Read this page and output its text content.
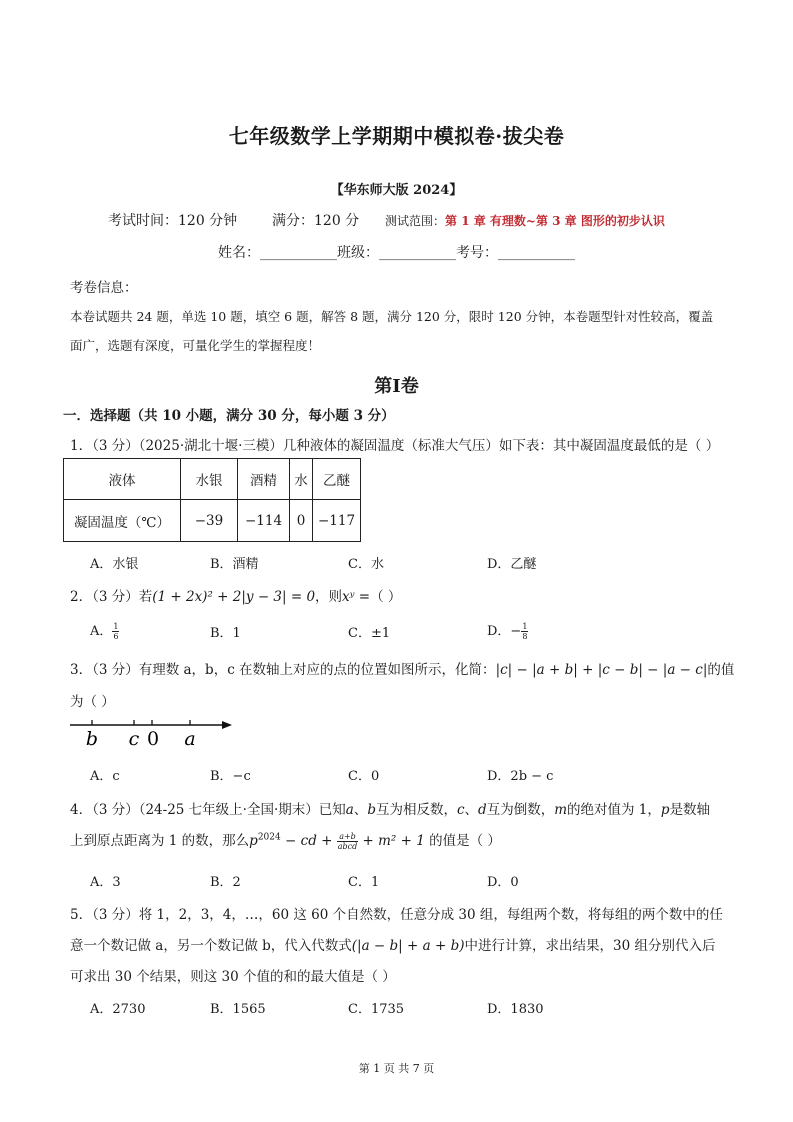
七年级数学上学期期中模拟卷·拔尖卷
【华东师大版 2024】
考试时间：120 分钟 满分：120 分 测试范围：第 1 章 有理数~第 3 章 图形的初步认识
姓名：___________班级：___________考号：___________
考卷信息：
本卷试题共 24 题，单选 10 题，填空 6 题，解答 8 题，满分 120 分，限时 120 分钟，本卷题型针对性较高，覆盖面广，选题有深度，可量化学生的掌握程度！
第Ⅰ卷
一．选择题（共 10 小题，满分 30 分，每小题 3 分）
1．（3 分）（2025·湖北十堰·三模）几种液体的凝固温度（标准大气压）如下表：其中凝固温度最低的是（ ）
液体	水银	酒精	水	乙醚
凝固温度（℃）	−39	−114	0	−117
A．水银	B．酒精	C．水	D．乙醚
2．（3 分）若(1 + 2x)² + 2|y − 3| = 0，则xʸ =（ ）
A． $\frac{1}{6}$	B．1	C．±1	D．− $\frac{1}{8}$
3．（3 分）有理数 a，b，c 在数轴上对应的点的位置如图所示，化简：|c| − |a + b| + |c − b| − |a − c|的值
为（ ）
b c 0 a
A．c	B．−c	C．0	D．2b − c
4．（3 分）（24-25 七年级上·全国·期末）已知a、b互为相反数，c、d互为倒数，m的绝对值为 1，p是数轴
上到原点距离为 1 的数，那么$p^{2024}$ − cd + $\frac{a+b}{\text{abcd}} + m^2 + 1$ 的值是（ ）
A．3	B．2	C．1	D．0
5．（3 分）将 1，2，3，4，…，60 这 60 个自然数，任意分成 30 组，每组两个数，将每组的两个数中的任
意一个数记做 a，另一个数记做 b，代入代数式(|a − b| + a + b)中进行计算，求出结果，30 组分别代入后
可求出 30 个结果，则这 30 个值的和的最大值是（ ）
A．2730	B．1565	C．1735	D．1830
第 1 页 共 7 页
